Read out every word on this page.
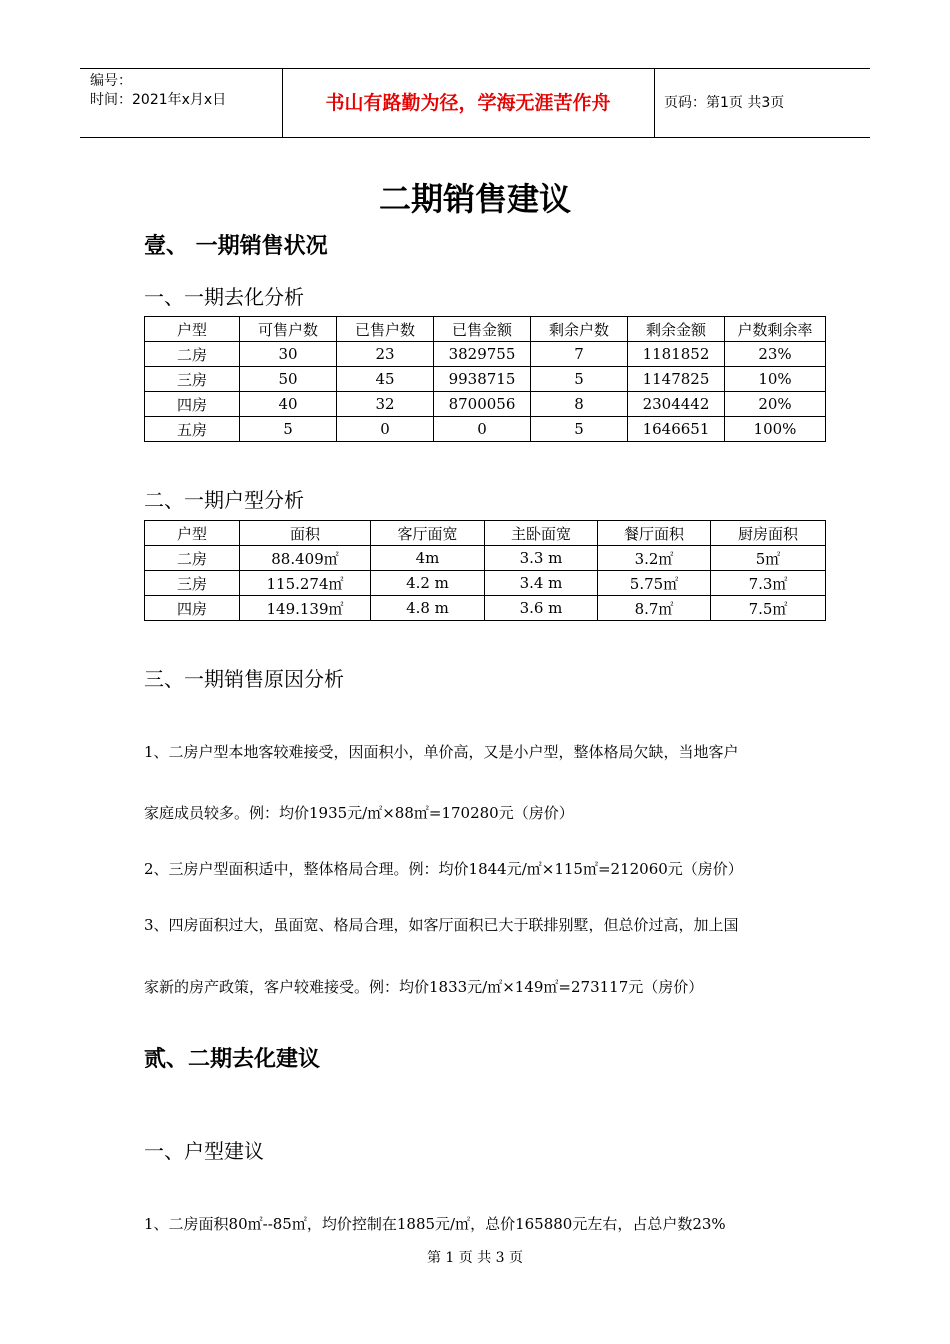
编号：
时间：2021年x月x日	书山有路勤为径，学海无涯苦作舟	页码：第1页 共3页
二期销售建议
壹、 一期销售状况
一、一期去化分析
户型	可售户数	已售户数	已售金额	剩余户数	剩余金额	户数剩余率
二房	30	23	3829755	7	1181852	23%
三房	50	45	9938715	5	1147825	10%
四房	40	32	8700056	8	2304442	20%
五房	5	0	0	5	1646651	100%
二、一期户型分析
户型	面积	客厅面宽	主卧面宽	餐厅面积	厨房面积
二房	88.409㎡	4m	3.3 m	3.2㎡	5㎡
三房	115.274㎡	4.2 m	3.4 m	5.75㎡	7.3㎡
四房	149.139㎡	4.8 m	3.6 m	8.7㎡	7.5㎡
三、一期销售原因分析
1、二房户型本地客较难接受，因面积小，单价高，又是小户型，整体格局欠缺，当地客户
家庭成员较多。例：均价1935元/㎡×88㎡=170280元（房价）
2、三房户型面积适中，整体格局合理。例：均价1844元/㎡×115㎡=212060元（房价）
3、四房面积过大，虽面宽、格局合理，如客厅面积已大于联排别墅，但总价过高，加上国
家新的房产政策，客户较难接受。例：均价1833元/㎡×149㎡=273117元（房价）
贰、二期去化建议
一、户型建议
1、二房面积80㎡--85㎡，均价控制在1885元/㎡，总价165880元左右，占总户数23%
第 1 页 共 3 页
